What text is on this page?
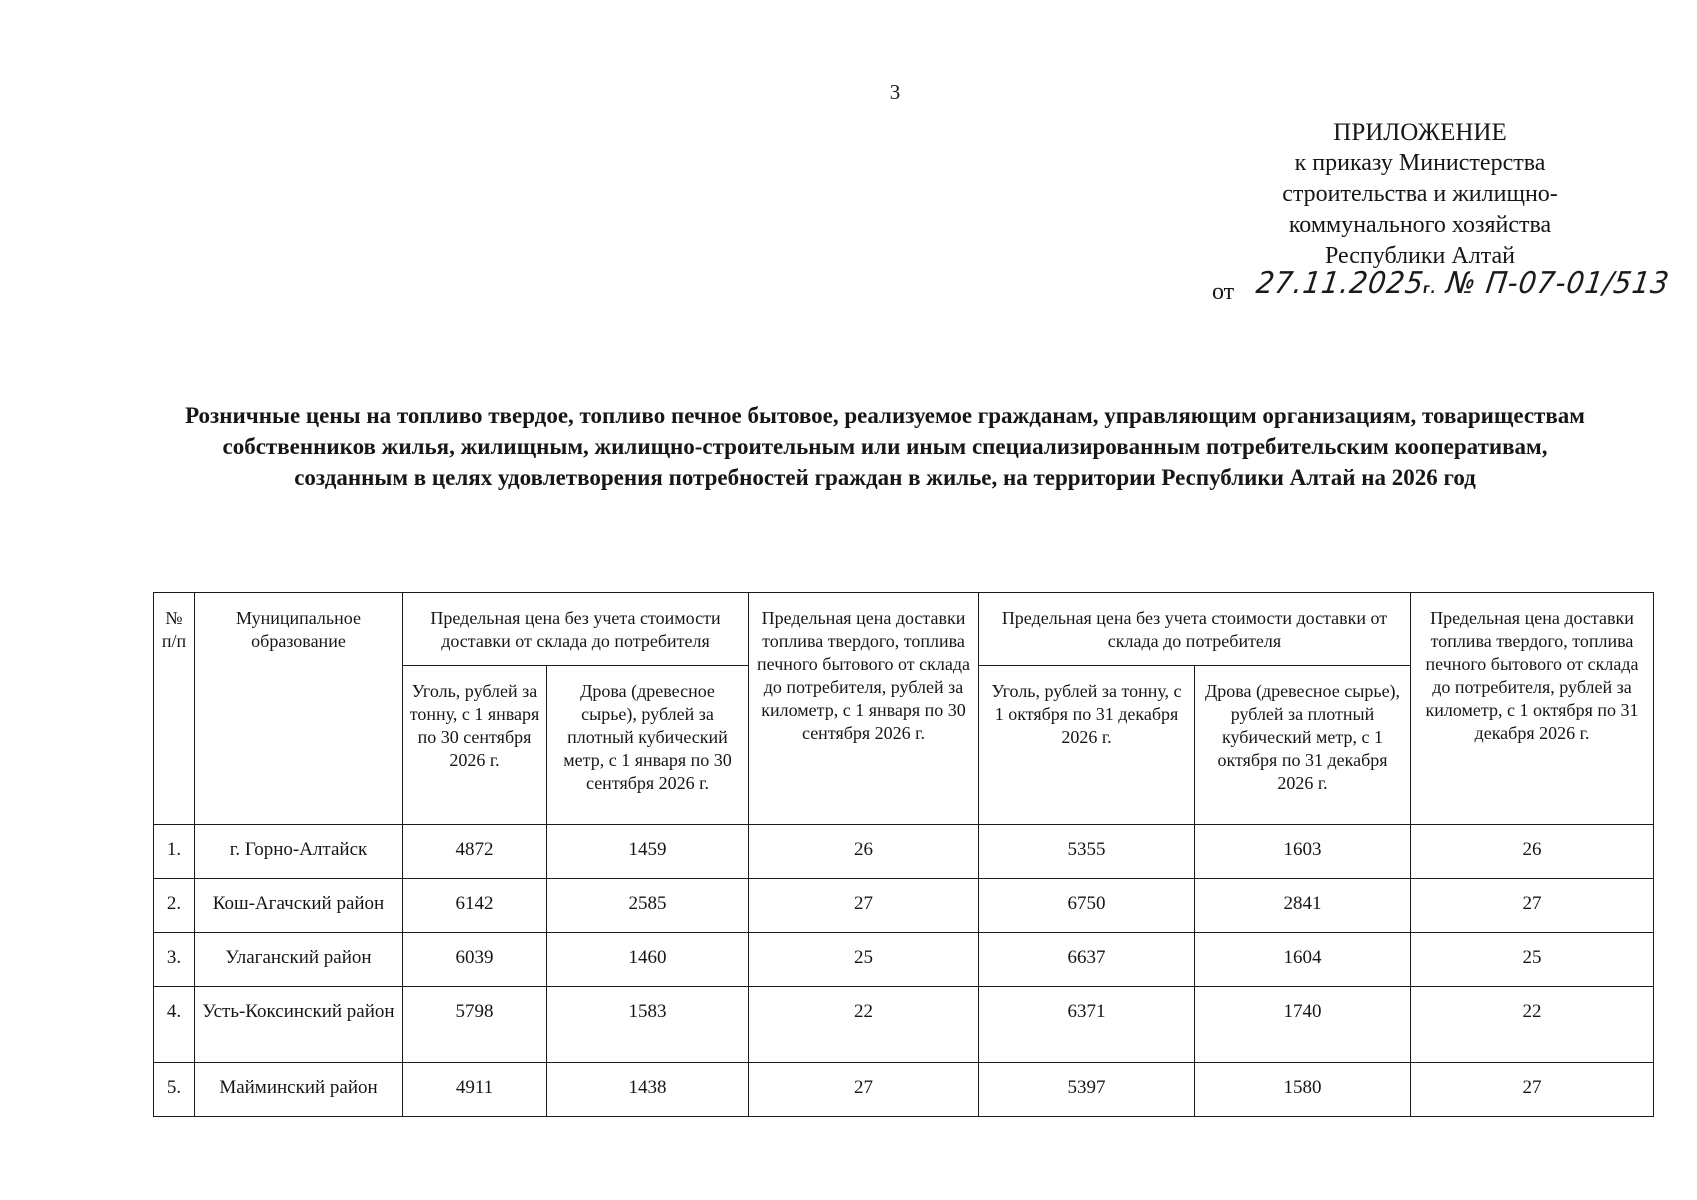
3
ПРИЛОЖЕНИЕ
к приказу Министерства
строительства и жилищно-
коммунального хозяйства
Республики Алтай
от 27.11.2025г. № П-07-01/513
Розничные цены на топливо твердое, топливо печное бытовое, реализуемое гражданам, управляющим организациям, товариществам собственников жилья, жилищным, жилищно-строительным или иным специализированным потребительским кооперативам, созданным в целях удовлетворения потребностей граждан в жилье, на территории Республики Алтай на 2026 год
№ п/п	Муниципальное образование	Предельная цена без учета стоимости доставки от склада до потребителя		Предельная цена доставки топлива твердого, топлива печного бытового от склада до потребителя, рублей за километр, с 1 января по 30 сентября 2026 г.	Предельная цена без учета стоимости доставки от склада до потребителя		Предельная цена доставки топлива твердого, топлива печного бытового от склада до потребителя, рублей за километр, с 1 октября по 31 декабря 2026 г.
		Уголь, рублей за тонну, с 1 января по 30 сентября 2026 г.	Дрова (древесное сырье), рублей за плотный кубический метр, с 1 января по 30 сентября 2026 г.		Уголь, рублей за тонну, с 1 октября по 31 декабря 2026 г.	Дрова (древесное сырье), рублей за плотный кубический метр, с 1 октября по 31 декабря 2026 г.	
1.	г. Горно-Алтайск	4872	1459	26	5355	1603	26
2.	Кош-Агачский район	6142	2585	27	6750	2841	27
3.	Улаганский район	6039	1460	25	6637	1604	25
4.	Усть-Коксинский район	5798	1583	22	6371	1740	22
5.	Майминский район	4911	1438	27	5397	1580	27
